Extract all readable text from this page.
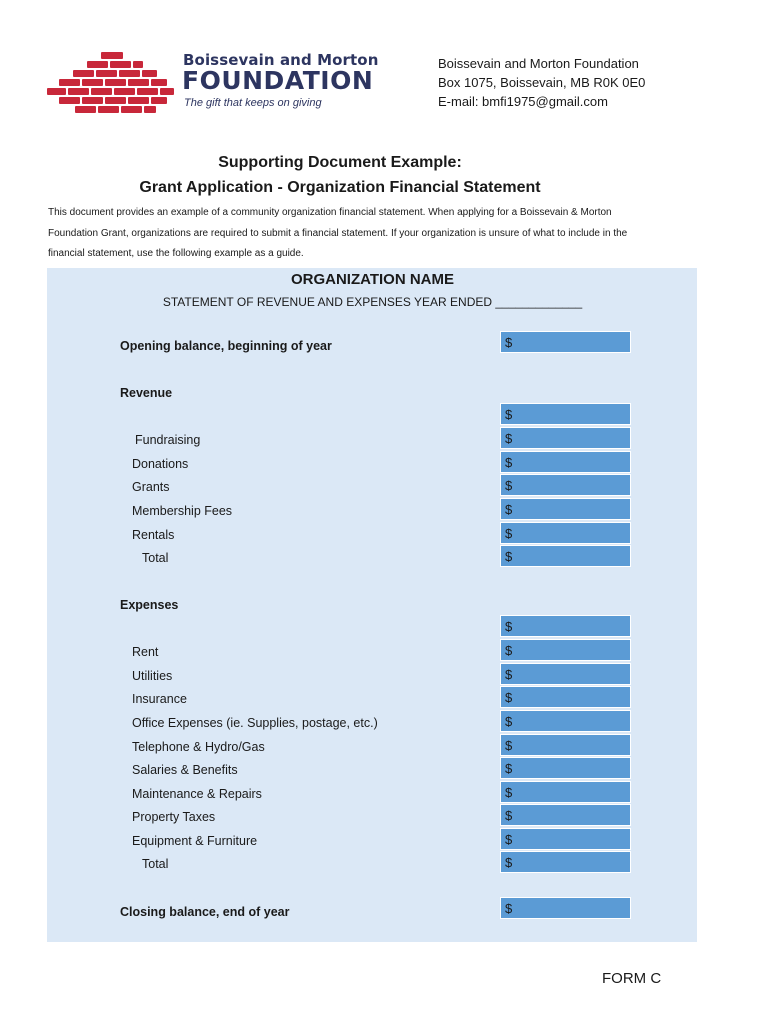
Boissevain and Morton
FOUNDATION
The gift that keeps on giving
Boissevain and Morton Foundation
Box 1075, Boissevain, MB R0K 0E0
E-mail: bmfi1975@gmail.com
Supporting Document Example:
Grant Application - Organization Financial Statement
This document provides an example of a community organization financial statement. When applying for a Boissevain & Morton
Foundation Grant, organizations are required to submit a financial statement. If your organization is unsure of what to include in the
financial statement, use the following example as a guide.
ORGANIZATION NAME
STATEMENT OF REVENUE AND EXPENSES YEAR ENDED _____________
Opening balance, beginning of year	$
Revenue
$
Fundraising	$
Donations	$
Grants	$
Membership Fees	$
Rentals	$
Total	$
Expenses
$
Rent	$
Utilities	$
Insurance	$
Office Expenses (ie. Supplies, postage, etc.)	$
Telephone & Hydro/Gas	$
Salaries & Benefits	$
Maintenance & Repairs	$
Property Taxes	$
Equipment & Furniture	$
Total	$
Closing balance, end of year	$
FORM C
